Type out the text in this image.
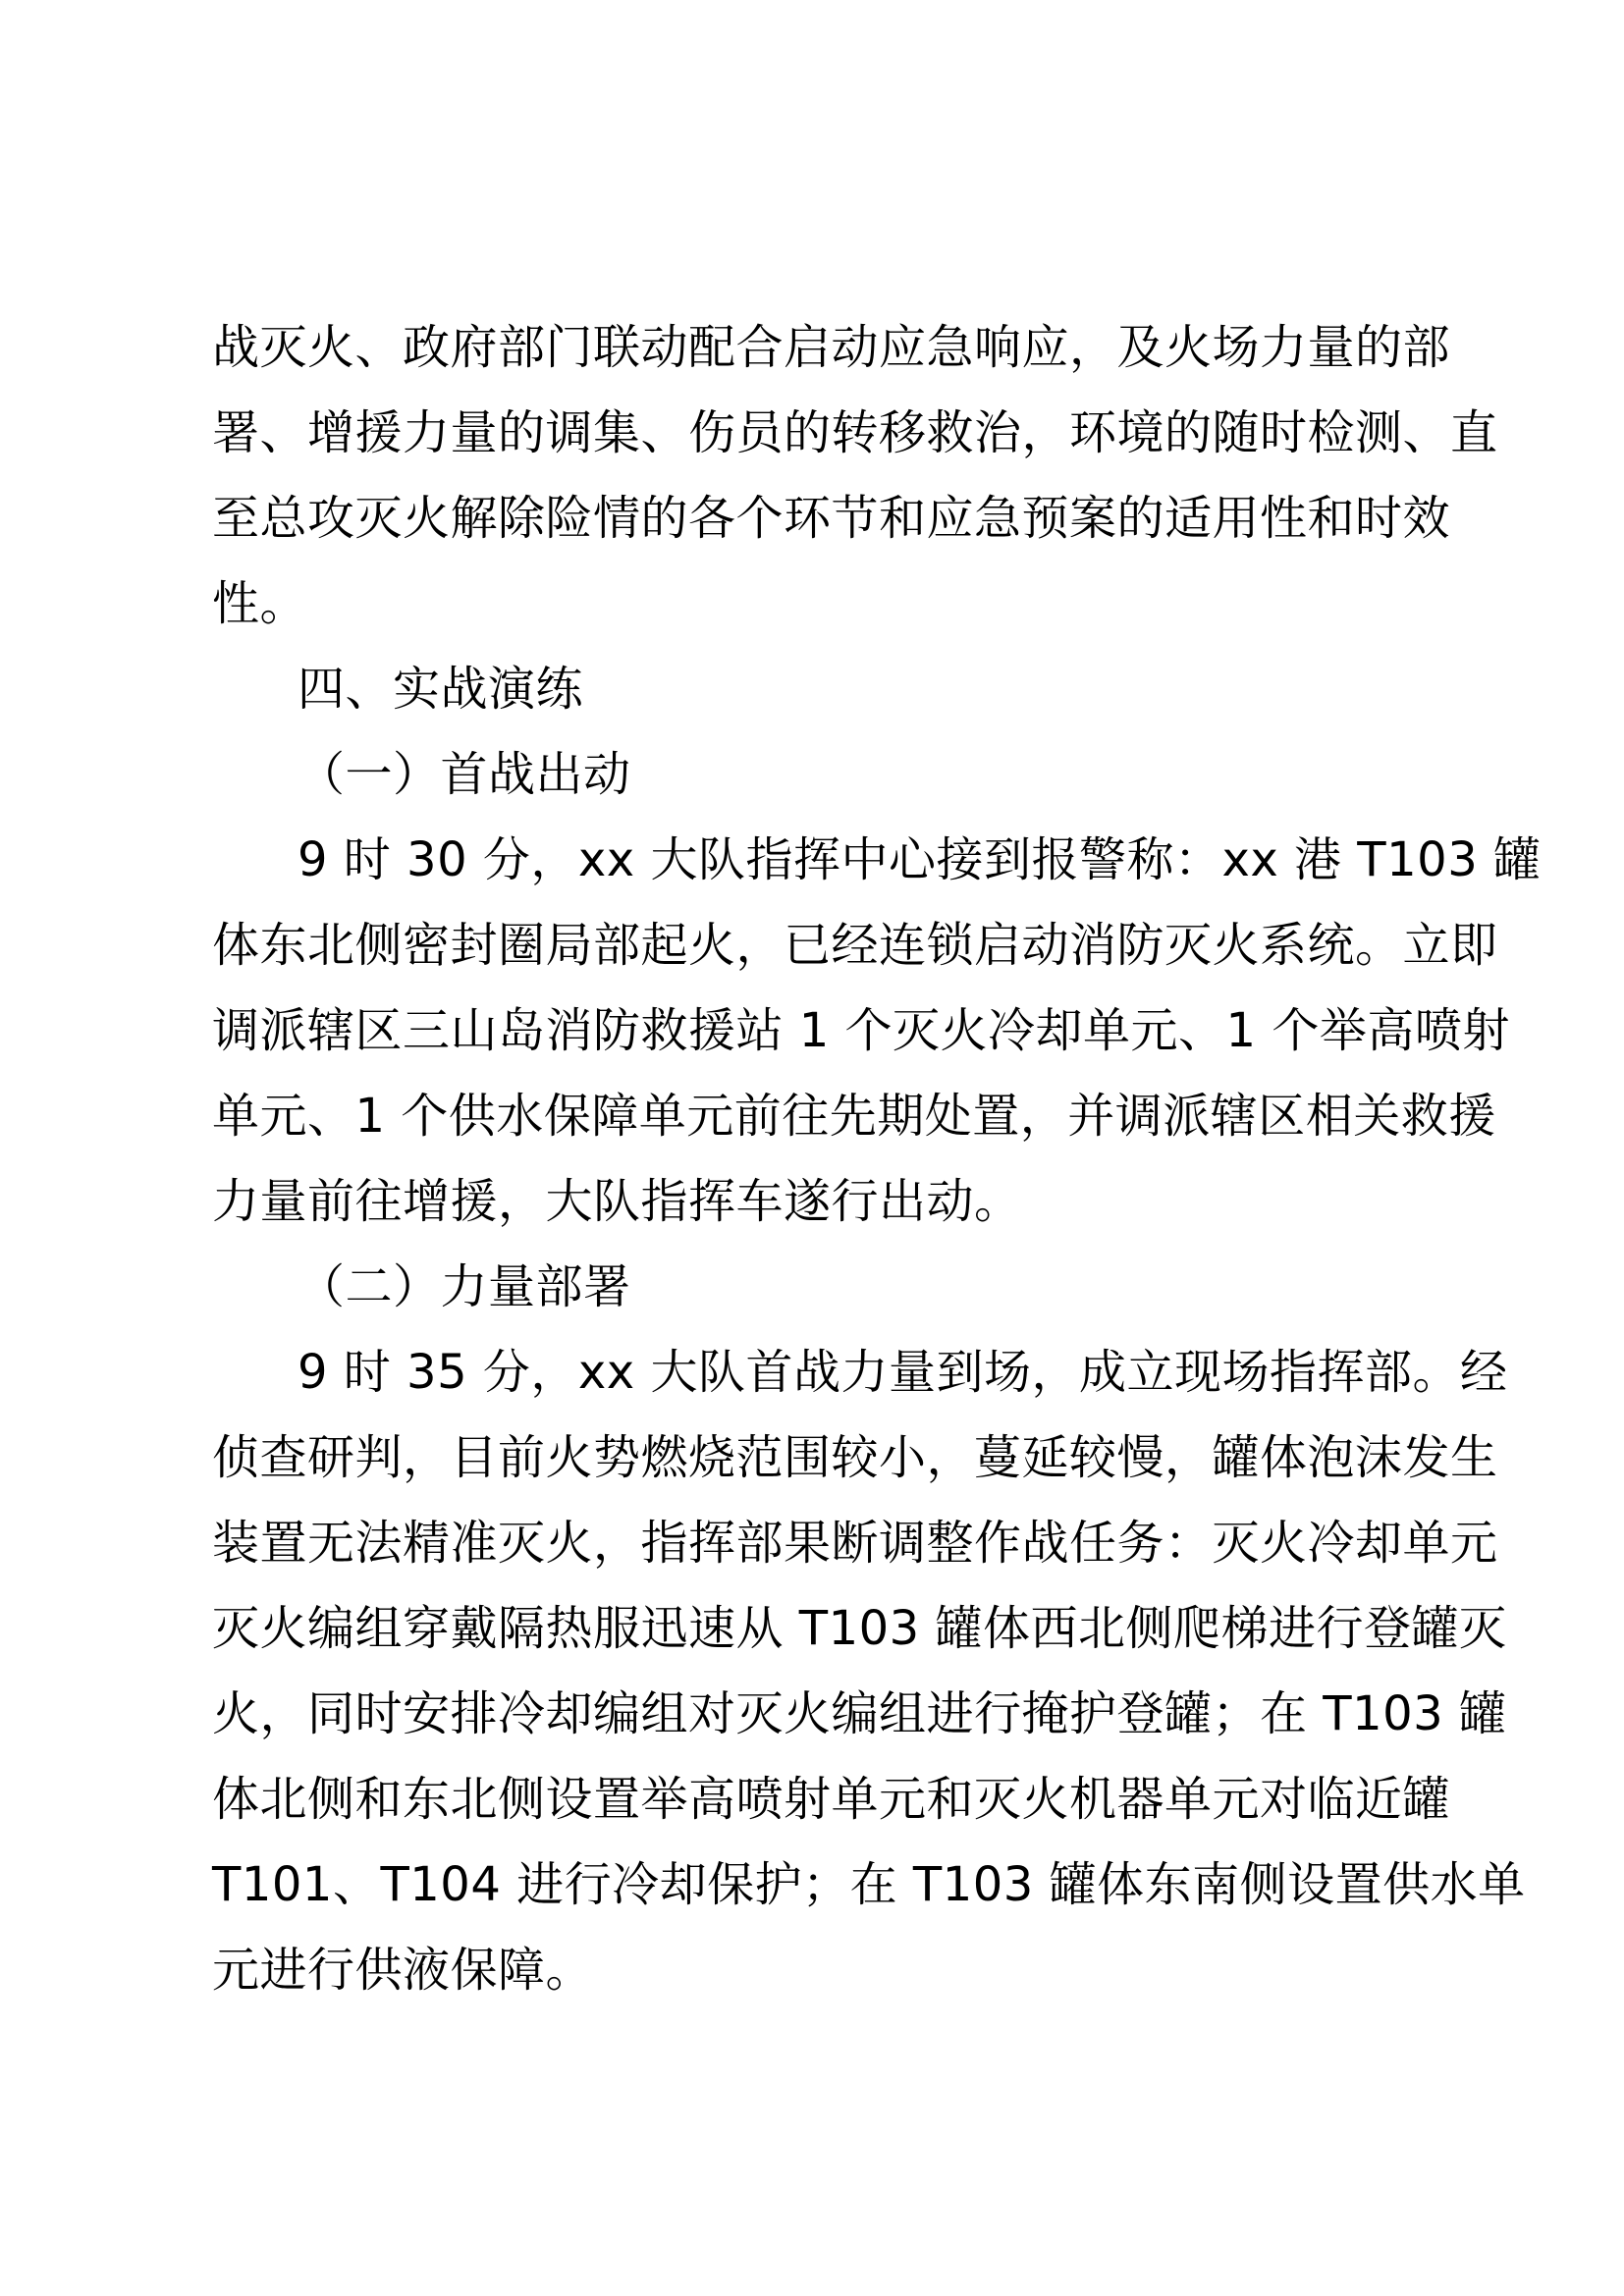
战灭火、政府部门联动配合启动应急响应，及火场力量的部

署、增援力量的调集、伤员的转移救治，环境的随时检测、直

至总攻灭火解除险情的各个环节和应急预案的适用性和时效

性。

四、实战演练

（一）首战出动

9 时 30 分，xx 大队指挥中心接到报警称：xx 港 T103 罐

体东北侧密封圈局部起火，已经连锁启动消防灭火系统。立即

调派辖区三山岛消防救援站 1 个灭火冷却单元、1 个举高喷射

单元、1 个供水保障单元前往先期处置，并调派辖区相关救援

力量前往增援，大队指挥车遂行出动。

（二）力量部署

9 时 35 分，xx 大队首战力量到场，成立现场指挥部。经

侦查研判，目前火势燃烧范围较小，蔓延较慢，罐体泡沫发生

装置无法精准灭火，指挥部果断调整作战任务：灭火冷却单元

灭火编组穿戴隔热服迅速从 T103 罐体西北侧爬梯进行登罐灭

火，同时安排冷却编组对灭火编组进行掩护登罐；在 T103 罐

体北侧和东北侧设置举高喷射单元和灭火机器单元对临近罐

T101、T104 进行冷却保护；在 T103 罐体东南侧设置供水单

元进行供液保障。
